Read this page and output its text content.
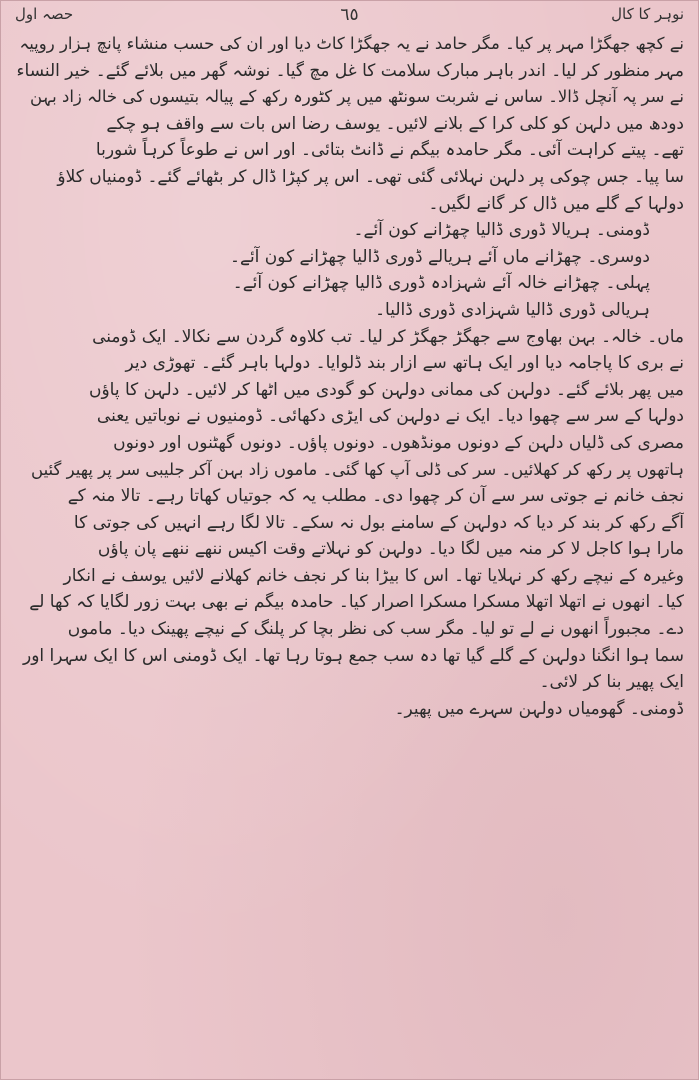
نوہر کا کال
٦٥
حصہ اول
نے کچھ جھگڑا مہر پر کیا۔ مگر حامد نے یہ جھگڑا کاٹ دیا اور ان کی حسب منشاء پانچ ہزار روپیہ
مہر منظور کر لیا۔ اندر باہر مبارک سلامت کا غل مچ گیا۔ نوشہ گھر میں بلائے گئے۔ خیر النساء
نے سر پہ آنچل ڈالا۔ ساس نے شربت سونٹھ میں پر کٹورہ رکھ کے پیالہ بتیسوں کی خالہ زاد بہن
دودھ میں دلہن کو کلی کرا کے بلانے لائیں۔ یوسف رضا اس بات سے واقف ہو چکے
تھے۔ پیتے کراہت آئی۔ مگر حامدہ بیگم نے ڈانٹ بتائی۔ اور اس نے طوعاً کرہاً شوربا
سا پیا۔ جس چوکی پر دلہن نہلائی گئی تھی۔ اس پر کپڑا ڈال کر بٹھائے گئے۔ ڈومنیاں کلاؤ
دولہا کے گلے میں ڈال کر گانے لگیں۔
ڈومنی۔ ہریالا ڈوری ڈالیا چھڑانے کون آئے۔
دوسری۔ چھڑانے ماں آئے ہریالے ڈوری ڈالیا چھڑانے کون آئے۔
پہلی۔ چھڑانے خالہ آئے شہزادہ ڈوری ڈالیا چھڑانے کون آئے۔
ہریالی ڈوری ڈالیا شہزادی ڈوری ڈالیا۔
ماں۔ خالہ۔ بہن بھاوج سے جھگڑ جھگڑ کر لیا۔ تب کلاوہ گردن سے نکالا۔ ایک ڈومنی
نے بری کا پاجامہ دیا اور ایک ہاتھ سے ازار بند ڈلوایا۔ دولہا باہر گئے۔ تھوڑی دیر
میں پھر بلائے گئے۔ دولہن کی ممانی دولہن کو گودی میں اٹھا کر لائیں۔ دلہن کا پاؤں
دولہا کے سر سے چھوا دیا۔ ایک نے دولہن کی ایڑی دکھائی۔ ڈومنیوں نے نوباتیں یعنی
مصری کی ڈلیاں دلہن کے دونوں مونڈھوں۔ دونوں پاؤں۔ دونوں گھٹنوں اور دونوں
ہاتھوں پر رکھ کر کھلائیں۔ سر کی ڈلی آپ کھا گئی۔ ماموں زاد بہن آکر جلیبی سر پر پھیر گئیں
نجف خانم نے جوتی سر سے آن کر چھوا دی۔ مطلب یہ کہ جوتیاں کھاتا رہے۔ تالا منہ کے
آگے رکھ کر بند کر دیا کہ دولہن کے سامنے بول نہ سکے۔ تالا لگا رہے انہیں کی جوتی کا
مارا ہوا کاجل لا کر منہ میں لگا دیا۔ دولہن کو نہلاتے وقت اکیس ننھے ننھے پان پاؤں
وغیرہ کے نیچے رکھ کر نہلایا تھا۔ اس کا بیڑا بنا کر نجف خانم کھلانے لائیں یوسف نے انکار
کیا۔ انھوں نے اتھلا اتھلا مسکرا مسکرا اصرار کیا۔ حامدہ بیگم نے بھی بہت زور لگایا کہ کھا لے
دے۔ مجبوراً انھوں نے لے تو لیا۔ مگر سب کی نظر بچا کر پلنگ کے نیچے پھینک دیا۔ ماموں
سما ہوا انگنا دولہن کے گلے گیا تھا دہ سب جمع ہوتا رہا تھا۔ ایک ڈومنی اس کا ایک سہرا اور
ایک پھیر بنا کر لائی۔
ڈومنی۔ گھومیاں دولہن سہرے میں پھیر۔
